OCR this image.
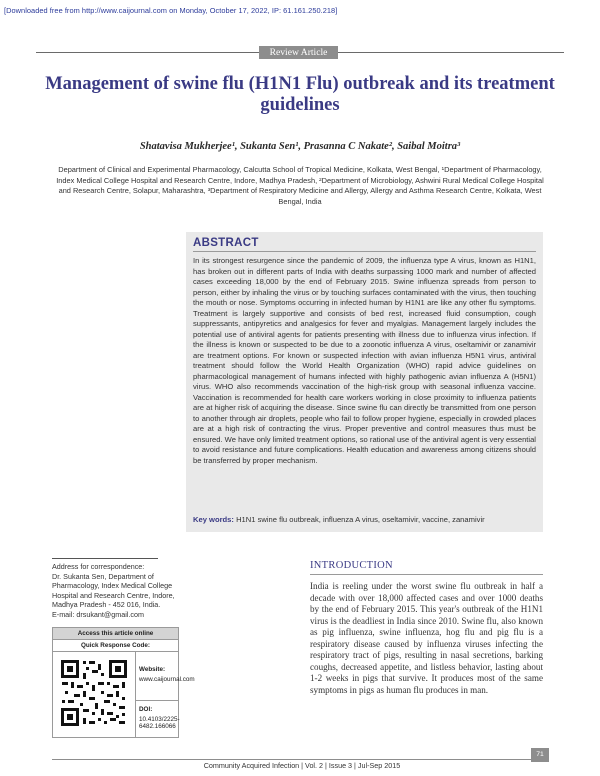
[Downloaded free from http://www.caijournal.com on Monday, October 17, 2022, IP: 61.161.250.218]
Review Article
Management of swine flu (H1N1 Flu) outbreak and its treatment guidelines
Shatavisa Mukherjee¹, Sukanta Sen¹, Prasanna C Nakate², Saibal Moitra³
Department of Clinical and Experimental Pharmacology, Calcutta School of Tropical Medicine, Kolkata, West Bengal, ¹Department of Pharmacology, Index Medical College Hospital and Research Centre, Indore, Madhya Pradesh, ²Department of Microbiology, Ashwini Rural Medical College Hospital and Research Centre, Solapur, Maharashtra, ³Department of Respiratory Medicine and Allergy, Allergy and Asthma Research Centre, Kolkata, West Bengal, India
ABSTRACT
In its strongest resurgence since the pandemic of 2009, the influenza type A virus, known as H1N1, has broken out in different parts of India with deaths surpassing 1000 mark and number of affected cases exceeding 18,000 by the end of February 2015. Swine influenza spreads from person to person, either by inhaling the virus or by touching surfaces contaminated with the virus, then touching the mouth or nose. Symptoms occurring in infected human by H1N1 are like any other flu symptoms. Treatment is largely supportive and consists of bed rest, increased fluid consumption, cough suppressants, antipyretics and analgesics for fever and myalgias. Management largely includes the potential use of antiviral agents for patients presenting with illness due to influenza virus infection. If the illness is known or suspected to be due to a zoonotic influenza A virus, oseltamivir or zanamivir are treatment options. For known or suspected infection with avian influenza H5N1 virus, antiviral treatment should follow the World Health Organization (WHO) rapid advice guidelines on pharmacological management of humans infected with highly pathogenic avian influenza A (H5N1) virus. WHO also recommends vaccination of the high-risk group with seasonal influenza vaccine. Vaccination is recommended for health care workers working in close proximity to influenza patients are at higher risk of acquiring the disease. Since swine flu can directly be transmitted from one person to another through air droplets, people who fail to follow proper hygiene, especially in crowded places are at a high risk of contracting the virus. Proper preventive and control measures thus must be ensured. We have only limited treatment options, so rational use of the antiviral agent is very essential to avoid resistance and future complications. Health education and awareness among citizens should be transferred by proper mechanism.
Key words: H1N1 swine flu outbreak, influenza A virus, oseltamivir, vaccine, zanamivir
Address for correspondence:
Dr. Sukanta Sen, Department of
Pharmacology, Index Medical College
Hospital and Research Centre, Indore,
Madhya Pradesh - 452 016, India.
E-mail: drsukant@gmail.com
Access this article online
Quick Response Code:
Website:
www.caijournal.com
DOI:
10.4103/2225-6482.166066
INTRODUCTION
India is reeling under the worst swine flu outbreak in half a decade with over 18,000 affected cases and over 1000 deaths by the end of February 2015. This year's outbreak of the H1N1 virus is the deadliest in India since 2010. Swine flu, also known as pig influenza, swine influenza, hog flu and pig flu is a respiratory disease caused by influenza viruses infecting the respiratory tract of pigs, resulting in nasal secretions, barking coughs, decreased appetite, and listless behavior, lasting about 1-2 weeks in pigs that survive. It produces most of the same symptoms in pigs as human flu produces in man.
Community Acquired Infection | Vol. 2 | Issue 3 | Jul-Sep 2015
71
